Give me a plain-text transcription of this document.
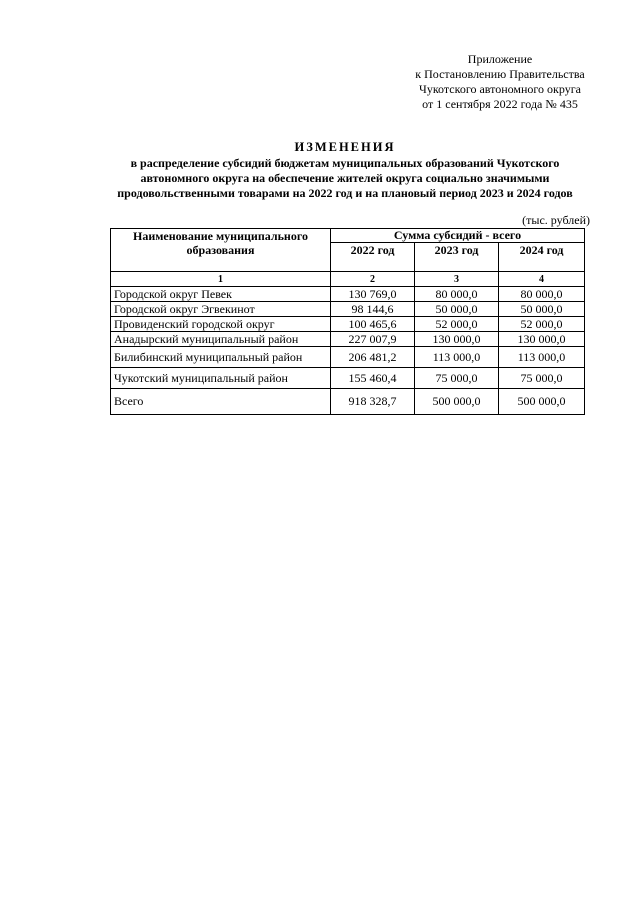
Приложение
к Постановлению Правительства
Чукотского автономного округа
от 1 сентября 2022 года № 435
ИЗМЕНЕНИЯ
в распределение субсидий бюджетам муниципальных образований Чукотского
автономного округа на обеспечение жителей округа социально значимыми
продовольственными товарами на 2022 год и на плановый период 2023 и 2024 годов
(тыс. рублей)
Наименование муниципального образования	Сумма субсидий - всего		
	2022 год	2023 год	2024 год
1	2	3	4
Городской округ Певек	130 769,0	80 000,0	80 000,0
Городской округ Эгвекинот	98 144,6	50 000,0	50 000,0
Провиденский городской округ	100 465,6	52 000,0	52 000,0
Анадырский муниципальный район	227 007,9	130 000,0	130 000,0
Билибинский муниципальный район	206 481,2	113 000,0	113 000,0
Чукотский муниципальный район	155 460,4	75 000,0	75 000,0
Всего	918 328,7	500 000,0	500 000,0
